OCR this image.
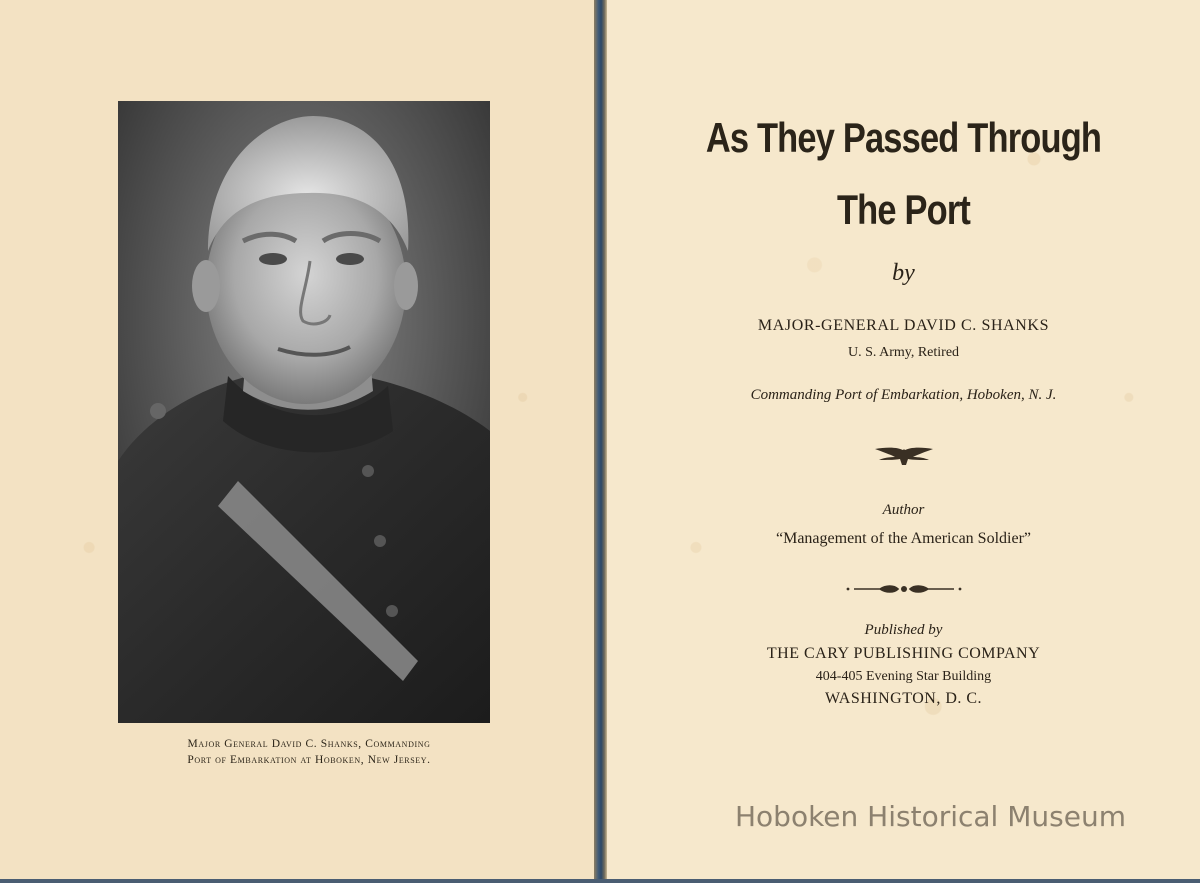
Major General David C. Shanks, Commanding
Port of Embarkation at Hoboken, New Jersey.
As They Passed Through
The Port
by
MAJOR-GENERAL DAVID C. SHANKS
U. S. Army, Retired
Commanding Port of Embarkation, Hoboken, N. J.
Author
“Management of the American Soldier”
Published by
THE CARY PUBLISHING COMPANY
404-405 Evening Star Building
WASHINGTON, D. C.
Hoboken Historical Museum
